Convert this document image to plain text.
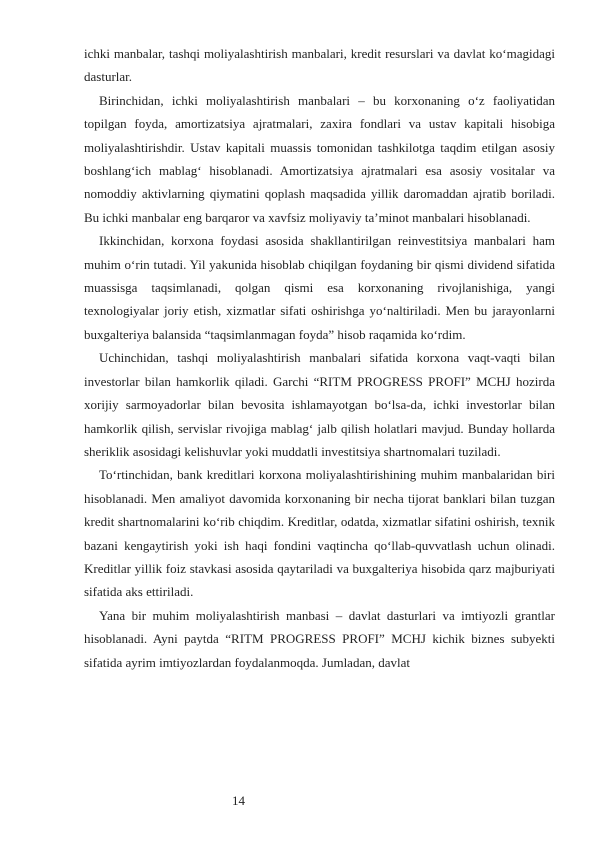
ichki manbalar, tashqi moliyalashtirish manbalari, kredit resurslari va davlat ko‘magidagi dasturlar.

Birinchidan, ichki moliyalashtirish manbalari – bu korxonaning o‘z faoliyatidan topilgan foyda, amortizatsiya ajratmalari, zaxira fondlari va ustav kapitali hisobiga moliyalashtirishdir. Ustav kapitali muassis tomonidan tashkilotga taqdim etilgan asosiy boshlang‘ich mablag‘ hisoblanadi. Amortizatsiya ajratmalari esa asosiy vositalar va nomoddiy aktivlarning qiymatini qoplash maqsadida yillik daromaddan ajratib boriladi. Bu ichki manbalar eng barqaror va xavfsiz moliyaviy ta’minot manbalari hisoblanadi.

Ikkinchidan, korxona foydasi asosida shakllantirilgan reinvestitsiya manbalari ham muhim o‘rin tutadi. Yil yakunida hisoblab chiqilgan foydaning bir qismi dividend sifatida muassisga taqsimlanadi, qolgan qismi esa korxonaning rivojlanishiga, yangi texnologiyalar joriy etish, xizmatlar sifati oshirishga yo‘naltiriladi. Men bu jarayonlarni buxgalteriya balansida “taqsimlanmagan foyda” hisob raqamida ko‘rdim.

Uchinchidan, tashqi moliyalashtirish manbalari sifatida korxona vaqt-vaqti bilan investorlar bilan hamkorlik qiladi. Garchi “RITM PROGRESS PROFI” MCHJ hozirda xorijiy sarmoyadorlar bilan bevosita ishlamayotgan bo‘lsa-da, ichki investorlar bilan hamkorlik qilish, servislar rivojiga mablag‘ jalb qilish holatlari mavjud. Bunday hollarda sheriklik asosidagi kelishuvlar yoki muddatli investitsiya shartnomalari tuziladi.

To‘rtinchidan, bank kreditlari korxona moliyalashtirishining muhim manbalaridan biri hisoblanadi. Men amaliyot davomida korxonaning bir necha tijorat banklari bilan tuzgan kredit shartnomalarini ko‘rib chiqdim. Kreditlar, odatda, xizmatlar sifatini oshirish, texnik bazani kengaytirish yoki ish haqi fondini vaqtincha qo‘llab-quvvatlash uchun olinadi. Kreditlar yillik foiz stavkasi asosida qaytariladi va buxgalteriya hisobida qarz majburiyati sifatida aks ettiriladi.

Yana bir muhim moliyalashtirish manbasi – davlat dasturlari va imtiyozli grantlar hisoblanadi. Ayni paytda “RITM PROGRESS PROFI” MCHJ kichik biznes subyekti sifatida ayrim imtiyozlardan foydalanmoqda. Jumladan, davlat

14
